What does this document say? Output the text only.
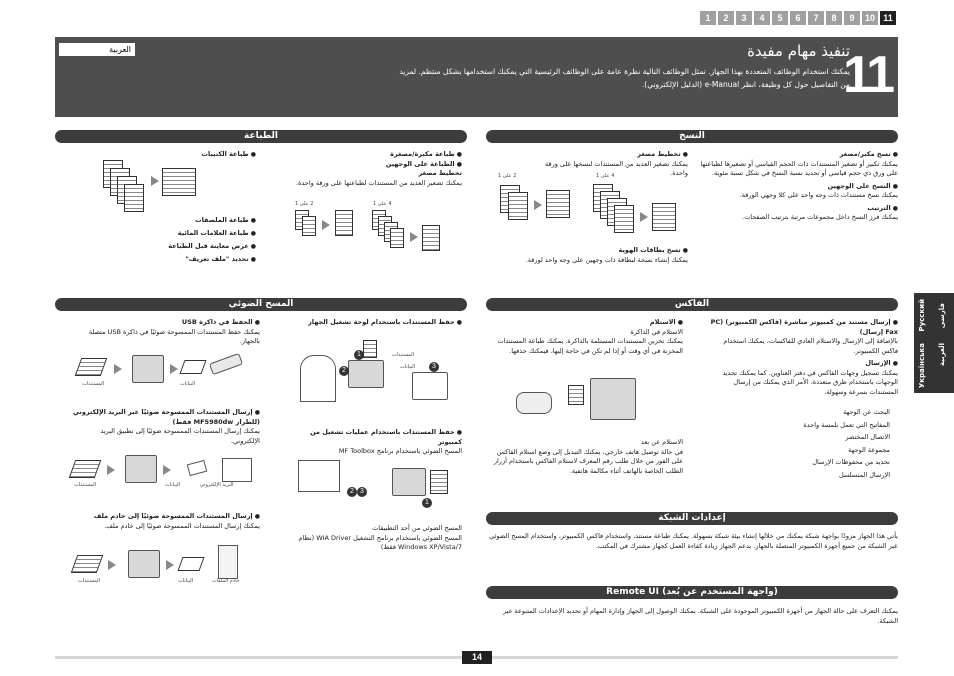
1	2	3	4	5	6	7	8	9	10 11
العربية	11
تنفيذ مهام مفيدة
يمكنك استخدام الوظائف المتعددة بهذا الجهاز. تمثل الوظائف التالية نظرة عامة على الوظائف الرئيسية التي يمكنك استخدامها بشكل منتظم. لمزيد من التفاصيل حول كل وظيفة، انظر e-Manual (الدليل الإلكتروني).
الطباعة
● طباعة مكبرة/مصغرة
● الطباعة على الوجهين
تخطيط مصغر
يمكنك تصغير العديد من المستندات لطباعتها على ورقة واحدة.
● طباعة الكتيبات
● طباعة الملصقات
● طباعة العلامات المائية
● عرض معاينة قبل الطباعة
● تحديد "ملف تعريف"
2 على 1	4 على 1
النسخ
● نسخ مكبر/مصغر
يمكنك تكبير أو تصغير المستندات ذات الحجم القياسي أو تصغيرها لطباعتها على ورق ذي حجم قياسي أو تحديد نسبة النسخ في شكل نسبة مئوية.
● النسخ على الوجهين
يمكنك نسخ مستندات ذات وجه واحد على كلا وجهي الورقة.
● الترتيب
يمكنك فرز النسخ داخل مجموعات مرتبة بترتيب الصفحات.
● تخطيط مصغر
يمكنك تصغير العديد من المستندات لنسخها على ورقة واحدة.
● نسخ بطاقات الهوية
يمكنك إنشاء نسخة لبطاقة ذات وجهين على وجه واحد لورقة.
2 على 1	4 على 1
المسح الضوئي
● حفظ المستندات باستخدام لوحة تشغيل الجهاز
● الحفظ في ذاكرة USB
يمكنك حفظ المستندات الممسوحة ضوئيًا في ذاكرة USB متصلة بالجهاز.
1
2
3
المستندات
البيانات
المستندات	البيانات
● حفظ المستندات باستخدام عمليات تشغيل من كمبيوتر
المسح الضوئي باستخدام برنامج MF Toolbox
2 3
1
المسح الضوئي من أحد التطبيقات
المسح الضوئي باستخدام برنامج التشغيل WIA Driver (نظام Windows XP/Vista/7 فقط)
● إرسال المستندات الممسوحة ضوئيًا عبر البريد الإلكتروني (للطراز MF5980dw فقط)
يمكنك إرسال المستندات الممسوحة ضوئيًا إلى تطبيق البريد الإلكتروني.
المستندات	البيانات	البريد الإلكتروني
● إرسال المستندات الممسوحة ضوئيًا إلى خادم ملف
يمكنك إرسال المستندات الممسوحة ضوئيًا إلى خادم ملف.
المستندات	البيانات	خادم الملفات
الفاكس
● إرسال مستند من كمبيوتر مباشرة (فاكس الكمبيوتر) (PC Fax إرسال)
بالإضافة إلى الإرسال والاستلام العادي للفاكسات، يمكنك استخدام فاكس الكمبيوتر.
● الإرسال
يمكنك تسجيل وجهات الفاكس في دفتر العناوين. كما يمكنك تحديد الوجهات باستخدام طرق متعددة، الأمر الذي يمكنك من إرسال المستندات بسرعة وسهولة.
البحث عن الوجهة
المفاتيح التي تعمل بلمسة واحدة
الاتصال المختصر
مجموعة الوجهة
تحديد من محفوظات الإرسال
الإرسال المتسلسل
● الاستلام
الاستلام في الذاكرة
يمكنك تخزين المستندات المستلمة بالذاكرة. يمكنك طباعة المستندات المخزنة في أي وقت أو إذا لم تكن في حاجة إليها، فيمكنك حذفها.
الاستلام عن بعد
في حالة توصيل هاتف خارجي، يمكنك التبديل إلى وضع استلام الفاكس على الفور من خلال طلب رقم المعرف لاستلام الفاكس باستخدام أزرار الطلب الخاصة بالهاتف أثناء مكالمة هاتفية.
إعدادات الشبكة
يأتي هذا الجهاز مزودًا بواجهة شبكة يمكنك من خلالها إنشاء بيئة شبكة بسهولة. يمكنك طباعة مستند، واستخدام فاكس الكمبيوتر، واستخدام المسح الضوئي عبر الشبكة من جميع أجهزة الكمبيوتر المتصلة بالجهاز. يدعم الجهاز زيادة كفاءة العمل كجهاز مشترك في المكتب.
Remote UI (واجهة المستخدم عن بُعد)
يمكنك التعرف على حالة الجهاز من أجهزة الكمبيوتر الموجودة على الشبكة. يمكنك الوصول إلى الجهاز وإدارة المهام أو تحديد الإعدادات المتنوعة عبر الشبكة.
Русский
Українська
فارسی
العربية
14
